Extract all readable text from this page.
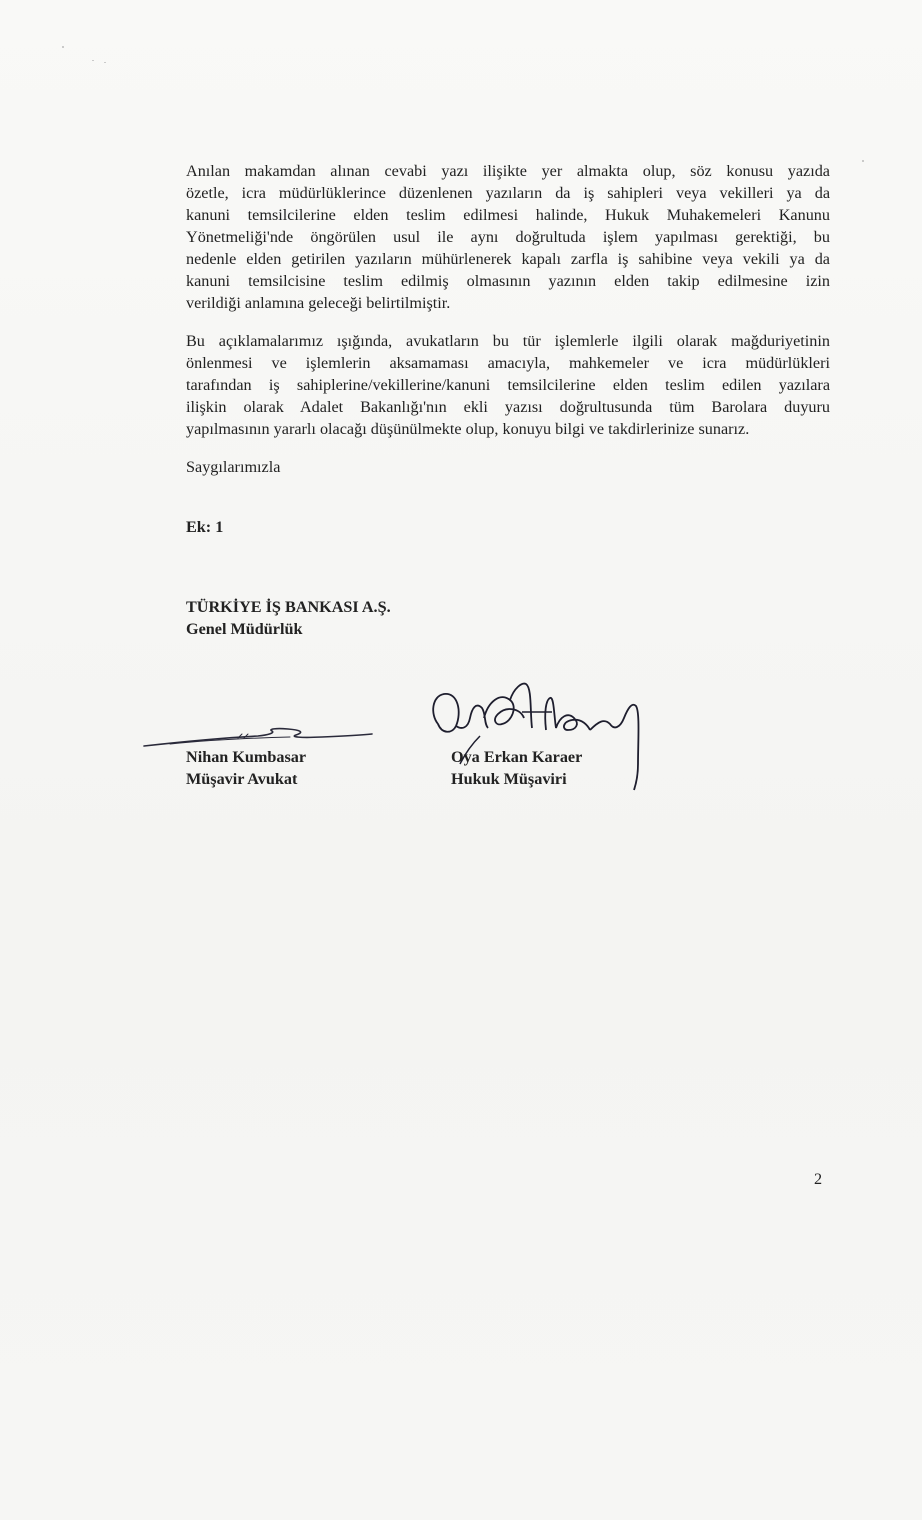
Anılan makamdan alınan cevabi yazı ilişikte yer almakta olup, söz konusu yazıda
özetle, icra müdürlüklerince düzenlenen yazıların da iş sahipleri veya vekilleri ya da
kanuni temsilcilerine elden teslim edilmesi halinde, Hukuk Muhakemeleri Kanunu
Yönetmeliği'nde öngörülen usul ile aynı doğrultuda işlem yapılması gerektiği, bu
nedenle elden getirilen yazıların mühürlenerek kapalı zarfla iş sahibine veya vekili ya da
kanuni temsilcisine teslim edilmiş olmasının yazının elden takip edilmesine izin
verildiği anlamına geleceği belirtilmiştir.
Bu açıklamalarımız ışığında, avukatların bu tür işlemlerle ilgili olarak mağduriyetinin
önlenmesi ve işlemlerin aksamaması amacıyla, mahkemeler ve icra müdürlükleri
tarafından iş sahiplerine/vekillerine/kanuni temsilcilerine elden teslim edilen yazılara
ilişkin olarak Adalet Bakanlığı'nın ekli yazısı doğrultusunda tüm Barolara duyuru
yapılmasının yararlı olacağı düşünülmekte olup, konuyu bilgi ve takdirlerinize sunarız.

Saygılarımızla

Ek: 1
TÜRKİYE İŞ BANKASI A.Ş.
Genel Müdürlük
Nihan Kumbasar
Müşavir Avukat
Oya Erkan Karaer
Hukuk Müşaviri
2
